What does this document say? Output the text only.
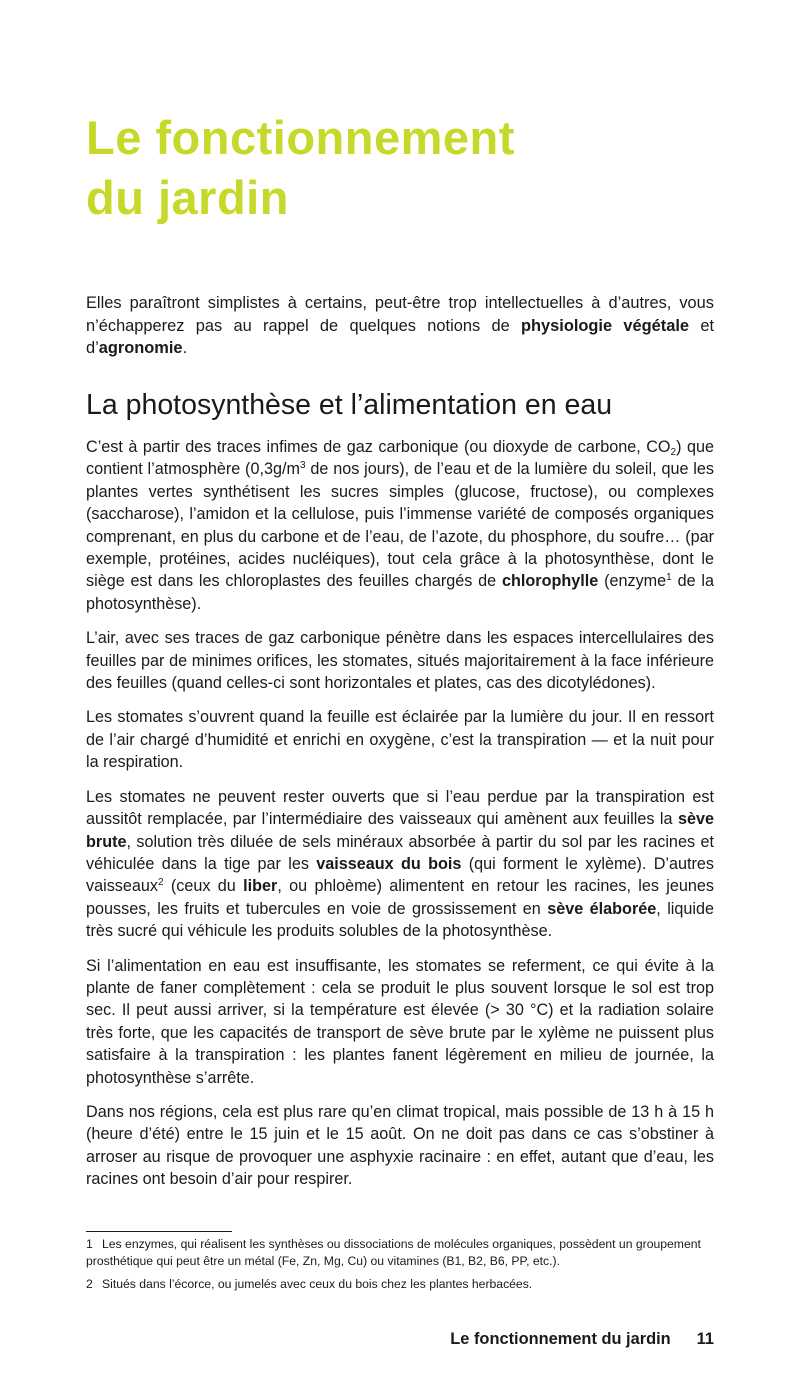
Le fonctionnement
du jardin

Elles paraîtront simplistes à certains, peut-être trop intellectuelles à d’autres, vous n’échapperez pas au rappel de quelques notions de physiologie végétale et d’agronomie.

La photosynthèse et l’alimentation en eau

C’est à partir des traces infimes de gaz carbonique (ou dioxyde de carbone, $CO_2$) que contient l’atmosphère ($0,3g/m^3$ de nos jours), de l’eau et de la lumière du soleil, que les plantes vertes synthétisent les sucres simples (glucose, fructose), ou complexes (saccharose), l’amidon et la cellulose, puis l’immense variété de composés organiques comprenant, en plus du carbone et de l’eau, de l’azote, du phosphore, du soufre… (par exemple, protéines, acides nucléiques), tout cela grâce à la photosynthèse, dont le siège est dans les chloroplastes des feuilles chargés de chlorophylle (enzyme$^1$ de la photosynthèse).

L’air, avec ses traces de gaz carbonique pénètre dans les espaces intercellulaires des feuilles par de minimes orifices, les stomates, situés majoritairement à la face inférieure des feuilles (quand celles-ci sont horizontales et plates, cas des dicotylédones).

Les stomates s’ouvrent quand la feuille est éclairée par la lumière du jour. Il en ressort de l’air chargé d’humidité et enrichi en oxygène, c’est la transpiration — et la nuit pour la respiration.

Les stomates ne peuvent rester ouverts que si l’eau perdue par la transpiration est aussitôt remplacée, par l’intermédiaire des vaisseaux qui amènent aux feuilles la sève brute, solution très diluée de sels minéraux absorbée à partir du sol par les racines et véhiculée dans la tige par les vaisseaux du bois (qui forment le xylème). D’autres vaisseaux$^2$ (ceux du liber, ou phloème) alimentent en retour les racines, les jeunes pousses, les fruits et tubercules en voie de grossissement en sève élaborée, liquide très sucré qui véhicule les produits solubles de la photosynthèse.

Si l’alimentation en eau est insuffisante, les stomates se referment, ce qui évite à la plante de faner complètement : cela se produit le plus souvent lorsque le sol est trop sec. Il peut aussi arriver, si la température est élevée (> 30 °C) et la radiation solaire très forte, que les capacités de transport de sève brute par le xylème ne puissent plus satisfaire à la transpiration : les plantes fanent légèrement en milieu de journée, la photosynthèse s’arrête.

Dans nos régions, cela est plus rare qu’en climat tropical, mais possible de 13 h à 15 h (heure d’été) entre le 15 juin et le 15 août. On ne doit pas dans ce cas s’obstiner à arroser au risque de provoquer une asphyxie racinaire : en effet, autant que d’eau, les racines ont besoin d’air pour respirer.

1 Les enzymes, qui réalisent les synthèses ou dissociations de molécules organiques, possèdent un groupement prosthétique qui peut être un métal (Fe, Zn, Mg, Cu) ou vitamines (B1, B2, B6, PP, etc.).

2 Situés dans l’écorce, ou jumelés avec ceux du bois chez les plantes herbacées.

Le fonctionnement du jardin 11
